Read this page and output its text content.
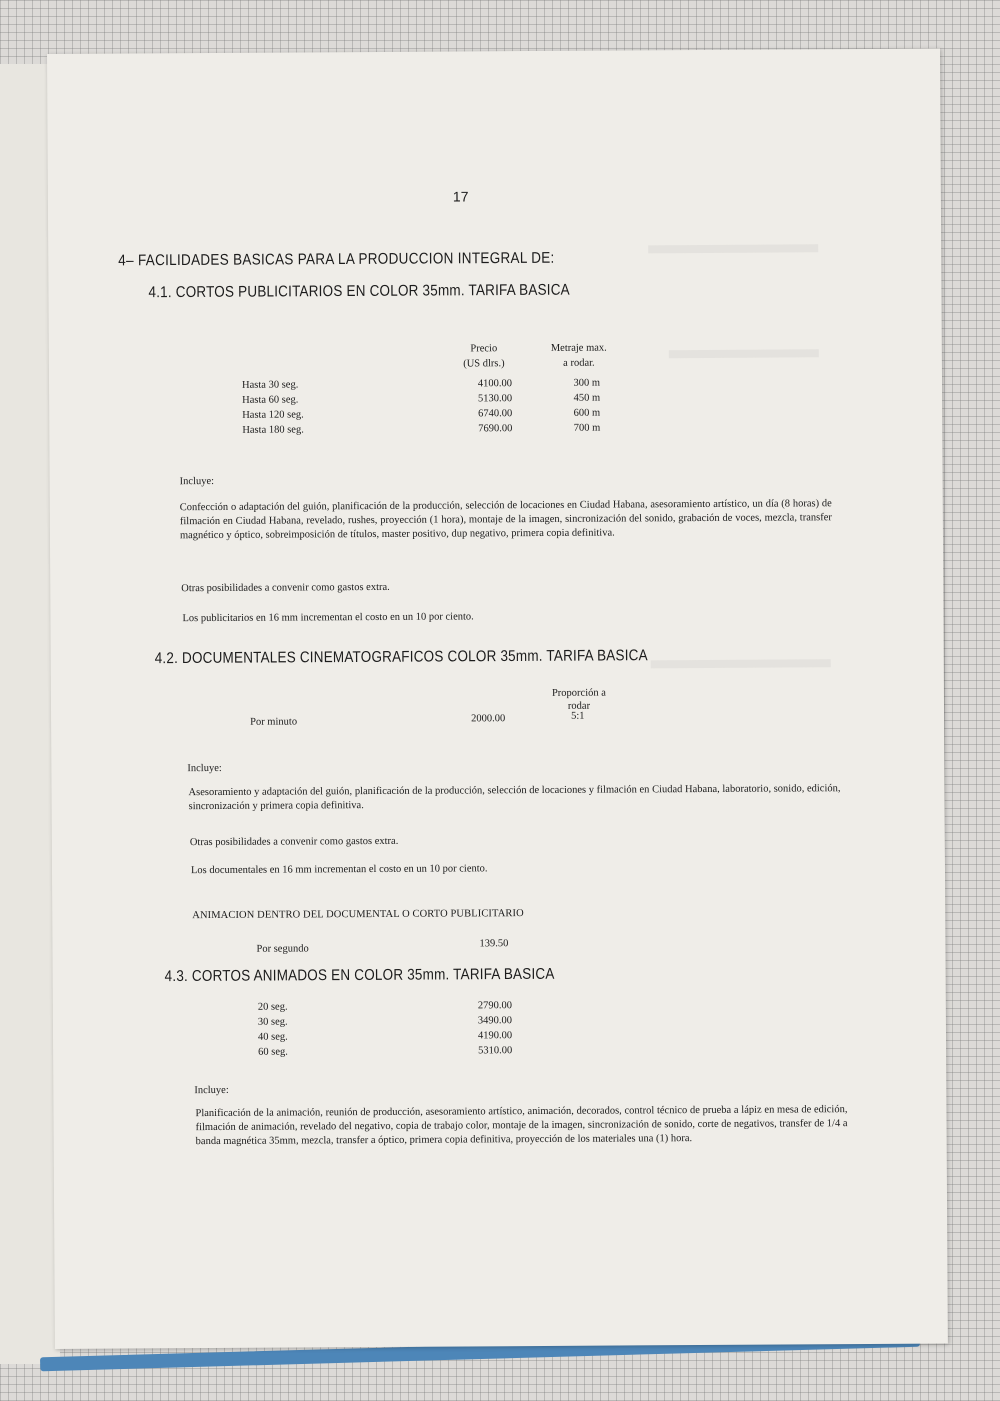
17
4– FACILIDADES BASICAS PARA LA PRODUCCION INTEGRAL DE:
4.1. CORTOS PUBLICITARIOS EN COLOR 35mm. TARIFA BASICA
Precio
(US dlrs.)
Metraje max.
a rodar.
Hasta 30 seg.	4100.00	300 m
Hasta 60 seg.	5130.00	450 m
Hasta 120 seg.	6740.00	600 m
Hasta 180 seg.	7690.00	700 m
Incluye:

Confección o adaptación del guión, planificación de la producción, selección de locaciones en Ciudad Habana, asesoramiento artístico, un día (8 horas) de filmación en Ciudad Habana, revelado, rushes, proyección (1 hora), montaje de la imagen, sincronización del sonido, grabación de voces, mezcla, transfer magnético y óptico, sobreimposición de títulos, master positivo, dup negativo, primera copia definitiva.

Otras posibilidades a convenir como gastos extra.
Los publicitarios en 16 mm incrementan el costo en un 10 por ciento.
4.2. DOCUMENTALES CINEMATOGRAFICOS COLOR 35mm. TARIFA BASICA
Proporción a
rodar
Por minuto	2000.00	5:1
Incluye:

Asesoramiento y adaptación del guión, planificación de la producción, selección de locaciones y filmación en Ciudad Habana, laboratorio, sonido, edición, sincronización y primera copia definitiva.

Otras posibilidades a convenir como gastos extra.
Los documentales en 16 mm incrementan el costo en un 10 por ciento.
ANIMACION DENTRO DEL DOCUMENTAL O CORTO PUBLICITARIO
Por segundo	139.50
4.3. CORTOS ANIMADOS EN COLOR 35mm. TARIFA BASICA
20 seg.	2790.00
30 seg.	3490.00
40 seg.	4190.00
60 seg.	5310.00
Incluye:

Planificación de la animación, reunión de producción, asesoramiento artístico, animación, decorados, control técnico de prueba a lápiz en mesa de edición, filmación de animación, revelado del negativo, copia de trabajo color, montaje de la imagen, sincronización de sonido, corte de negativos, transfer de 1/4 a banda magnética 35mm, mezcla, transfer a óptico, primera copia definitiva, proyección de los materiales una (1) hora.
